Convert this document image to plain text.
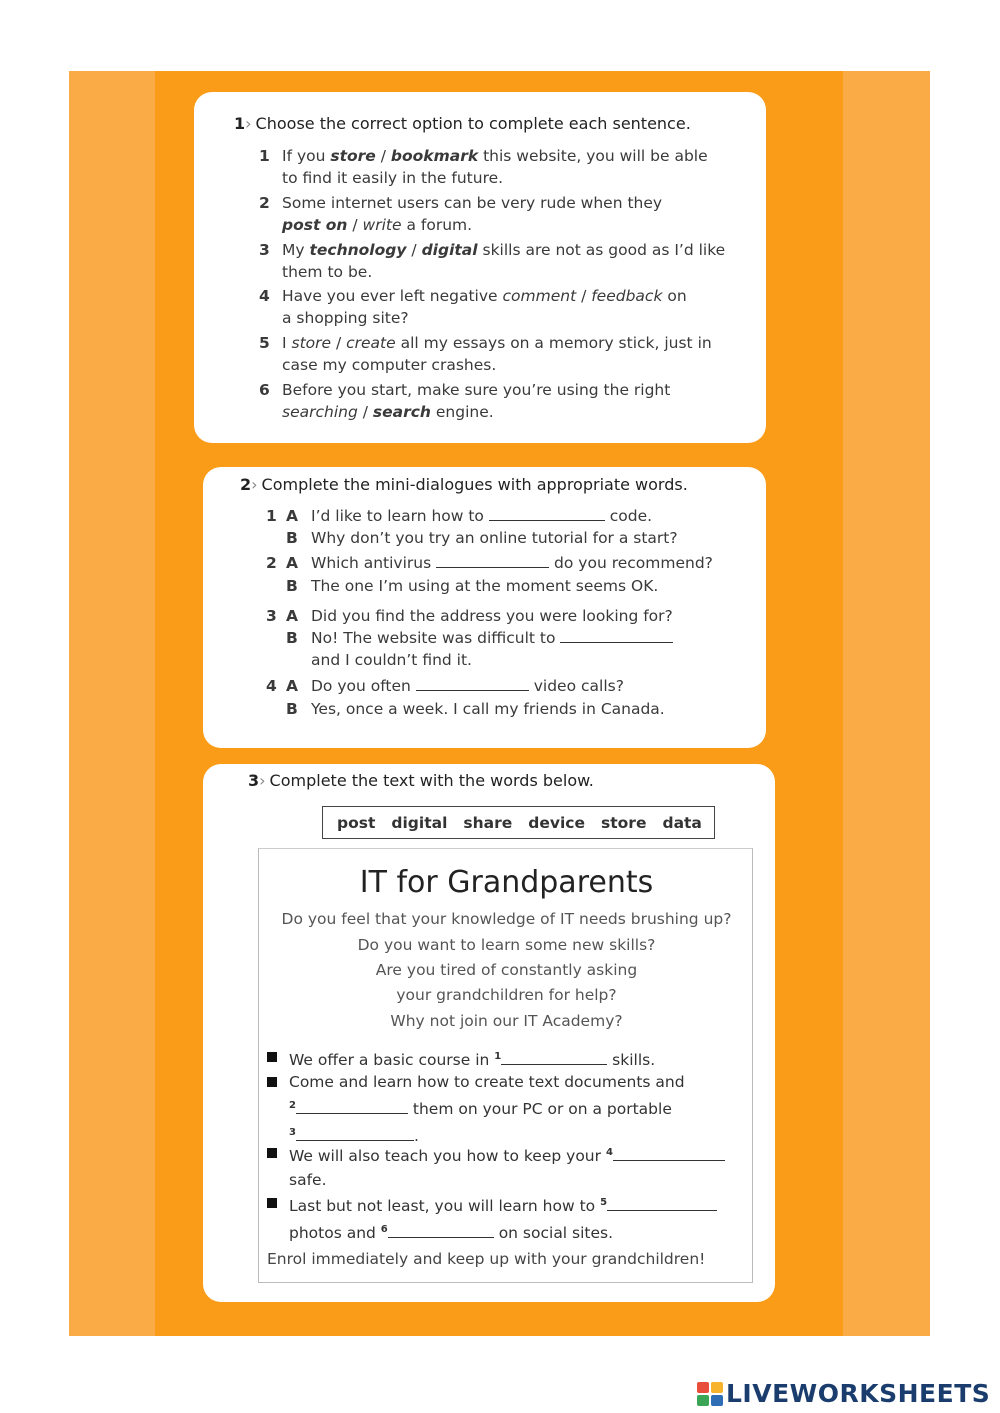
1› Choose the correct option to complete each sentence.
1 If you store / bookmark this website, you will be able
to find it easily in the future.
2 Some internet users can be very rude when they
post on / write a forum.
3 My technology / digital skills are not as good as I’d like
them to be.
4 Have you ever left negative comment / feedback on
a shopping site?
5 I store / create all my essays on a memory stick, just in
case my computer crashes.
6 Before you start, make sure you’re using the right
searching / search engine.
2› Complete the mini-dialogues with appropriate words.
1 A I’d like to learn how to	code.
B Why don’t you try an online tutorial for a start?
2 A Which antivirus	do you recommend?
B The one I’m using at the moment seems OK.
3 A Did you find the address you were looking for?
B No! The website was difficult to
and I couldn’t find it.
4 A Do you often	video calls?
B Yes, once a week. I call my friends in Canada.
3› Complete the text with the words below.
post digital share device store data
IT for Grandparents
Do you feel that your knowledge of IT needs brushing up?
Do you want to learn some new skills?
Are you tired of constantly asking
your grandchildren for help?
Why not join our IT Academy?
We offer a basic course in $^1$	skills.
Come and learn how to create text documents and
$^2$	them on your PC or on a portable
$^3$	.
We will also teach you how to keep your $^4$
safe.
Last but not least, you will learn how to $^5$
photos and $^6$	on social sites.
Enrol immediately and keep up with your grandchildren!
LIVEWORKSHEETS
